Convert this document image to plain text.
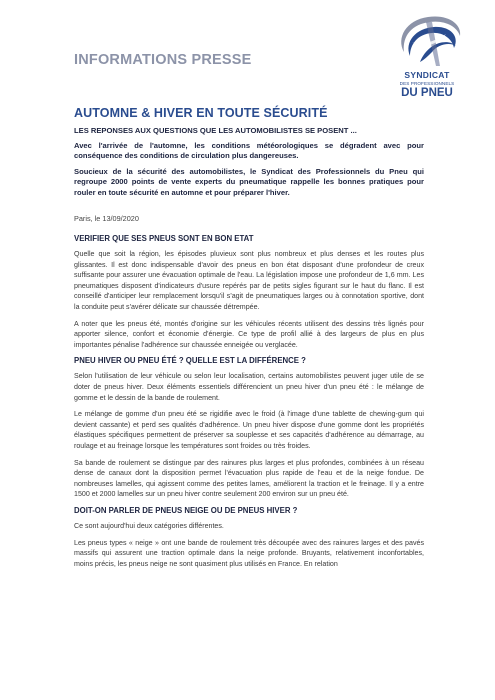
INFORMATIONS PRESSE
SYNDICAT
DES PROFESSIONNELS
DU PNEU
AUTOMNE & HIVER EN TOUTE SÉCURITÉ

LES REPONSES AUX QUESTIONS QUE LES AUTOMOBILISTES SE POSENT ...

Avec l'arrivée de l'automne, les conditions météorologiques se dégradent avec pour conséquence des conditions de circulation plus dangereuses.

Soucieux de la sécurité des automobilistes, le Syndicat des Professionnels du Pneu qui regroupe 2000 points de vente experts du pneumatique rappelle les bonnes pratiques pour rouler en toute sécurité en automne et pour préparer l'hiver.

Paris, le 13/09/2020

VERIFIER QUE SES PNEUS SONT EN BON ETAT

Quelle que soit la région, les épisodes pluvieux sont plus nombreux et plus denses et les routes plus glissantes. Il est donc indispensable d'avoir des pneus en bon état disposant d'une profondeur de creux suffisante pour assurer une évacuation optimale de l'eau. La législation impose une profondeur de 1,6 mm. Les pneumatiques disposent d'indicateurs d'usure repérés par de petits sigles figurant sur le haut du flanc. Il est conseillé d'anticiper leur remplacement lorsqu'il s'agit de pneumatiques larges ou à connotation sportive, dont la conduite peut s'avérer délicate sur chaussée détrempée.

A noter que les pneus été, montés d'origine sur les véhicules récents utilisent des dessins très lignés pour apporter silence, confort et économie d'énergie. Ce type de profil allié à des largeurs de plus en plus importantes pénalise l'adhérence sur chaussée enneigée ou verglacée.

PNEU HIVER OU PNEU ÉTÉ ? QUELLE EST LA DIFFÉRENCE ?

Selon l'utilisation de leur véhicule ou selon leur localisation, certains automobilistes peuvent juger utile de se doter de pneus hiver. Deux éléments essentiels différencient un pneu hiver d'un pneu été : le mélange de gomme et le dessin de la bande de roulement.

Le mélange de gomme d'un pneu été se rigidifie avec le froid (à l'image d'une tablette de chewing-gum qui devient cassante) et perd ses qualités d'adhérence. Un pneu hiver dispose d'une gomme dont les propriétés élastiques spécifiques permettent de préserver sa souplesse et ses capacités d'adhérence au démarrage, au roulage et au freinage lorsque les températures sont froides ou très froides.

Sa bande de roulement se distingue par des rainures plus larges et plus profondes, combinées à un réseau dense de canaux dont la disposition permet l'évacuation plus rapide de l'eau et de la neige fondue. De nombreuses lamelles, qui agissent comme des petites lames, améliorent la traction et le freinage. Il y a entre 1500 et 2000 lamelles sur un pneu hiver contre seulement 200 environ sur un pneu été.

DOIT-ON PARLER DE PNEUS NEIGE OU DE PNEUS HIVER ?

Ce sont aujourd'hui deux catégories différentes.

Les pneus types « neige » ont une bande de roulement très découpée avec des rainures larges et des pavés massifs qui assurent une traction optimale dans la neige profonde. Bruyants, relativement inconfortables, moins précis, les pneus neige ne sont quasiment plus utilisés en France. En relation
